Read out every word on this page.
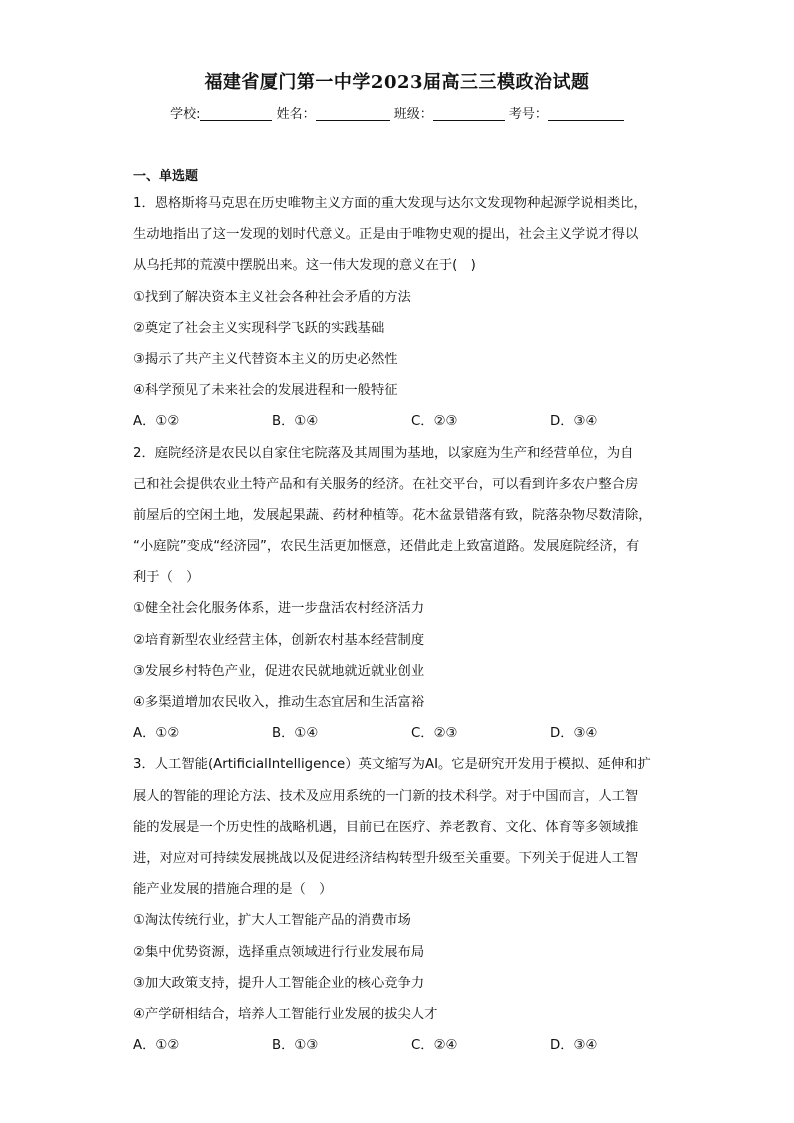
福建省厦门第一中学2023届高三三模政治试题
学校:	姓名：	班级：	考号：
一、单选题
1．恩格斯将马克思在历史唯物主义方面的重大发现与达尔文发现物种起源学说相类比，
生动地指出了这一发现的划时代意义。正是由于唯物史观的提出，社会主义学说才得以
从乌托邦的荒漠中摆脱出来。这一伟大发现的意义在于(　)
①找到了解决资本主义社会各种社会矛盾的方法
②奠定了社会主义实现科学飞跃的实践基础
③揭示了共产主义代替资本主义的历史必然性
④科学预见了未来社会的发展进程和一般特征
A．①②	B．①④	C．②③	D．③④
2．庭院经济是农民以自家住宅院落及其周围为基地，以家庭为生产和经营单位，为自
己和社会提供农业土特产品和有关服务的经济。在社交平台，可以看到许多农户整合房
前屋后的空闲土地，发展起果蔬、药材种植等。花木盆景错落有致，院落杂物尽数清除，
“小庭院”变成“经济园”，农民生活更加惬意，还借此走上致富道路。发展庭院经济，有
利于（　）
①健全社会化服务体系，进一步盘活农村经济活力
②培育新型农业经营主体，创新农村基本经营制度
③发展乡村特色产业，促进农民就地就近就业创业
④多渠道增加农民收入，推动生态宜居和生活富裕
A．①②	B．①④	C．②③	D．③④
3．人工智能(ArtificialIntelligence）英文缩写为AI。它是研究开发用于模拟、延伸和扩
展人的智能的理论方法、技术及应用系统的一门新的技术科学。对于中国而言，人工智
能的发展是一个历史性的战略机遇，目前已在医疗、养老教育、文化、体育等多领域推
进，对应对可持续发展挑战以及促进经济结构转型升级至关重要。下列关于促进人工智
能产业发展的措施合理的是（　）
①淘汰传统行业，扩大人工智能产品的消费市场
②集中优势资源，选择重点领域进行行业发展布局
③加大政策支持，提升人工智能企业的核心竞争力
④产学研相结合，培养人工智能行业发展的拔尖人才
A．①②	B．①③	C．②④	D．③④
